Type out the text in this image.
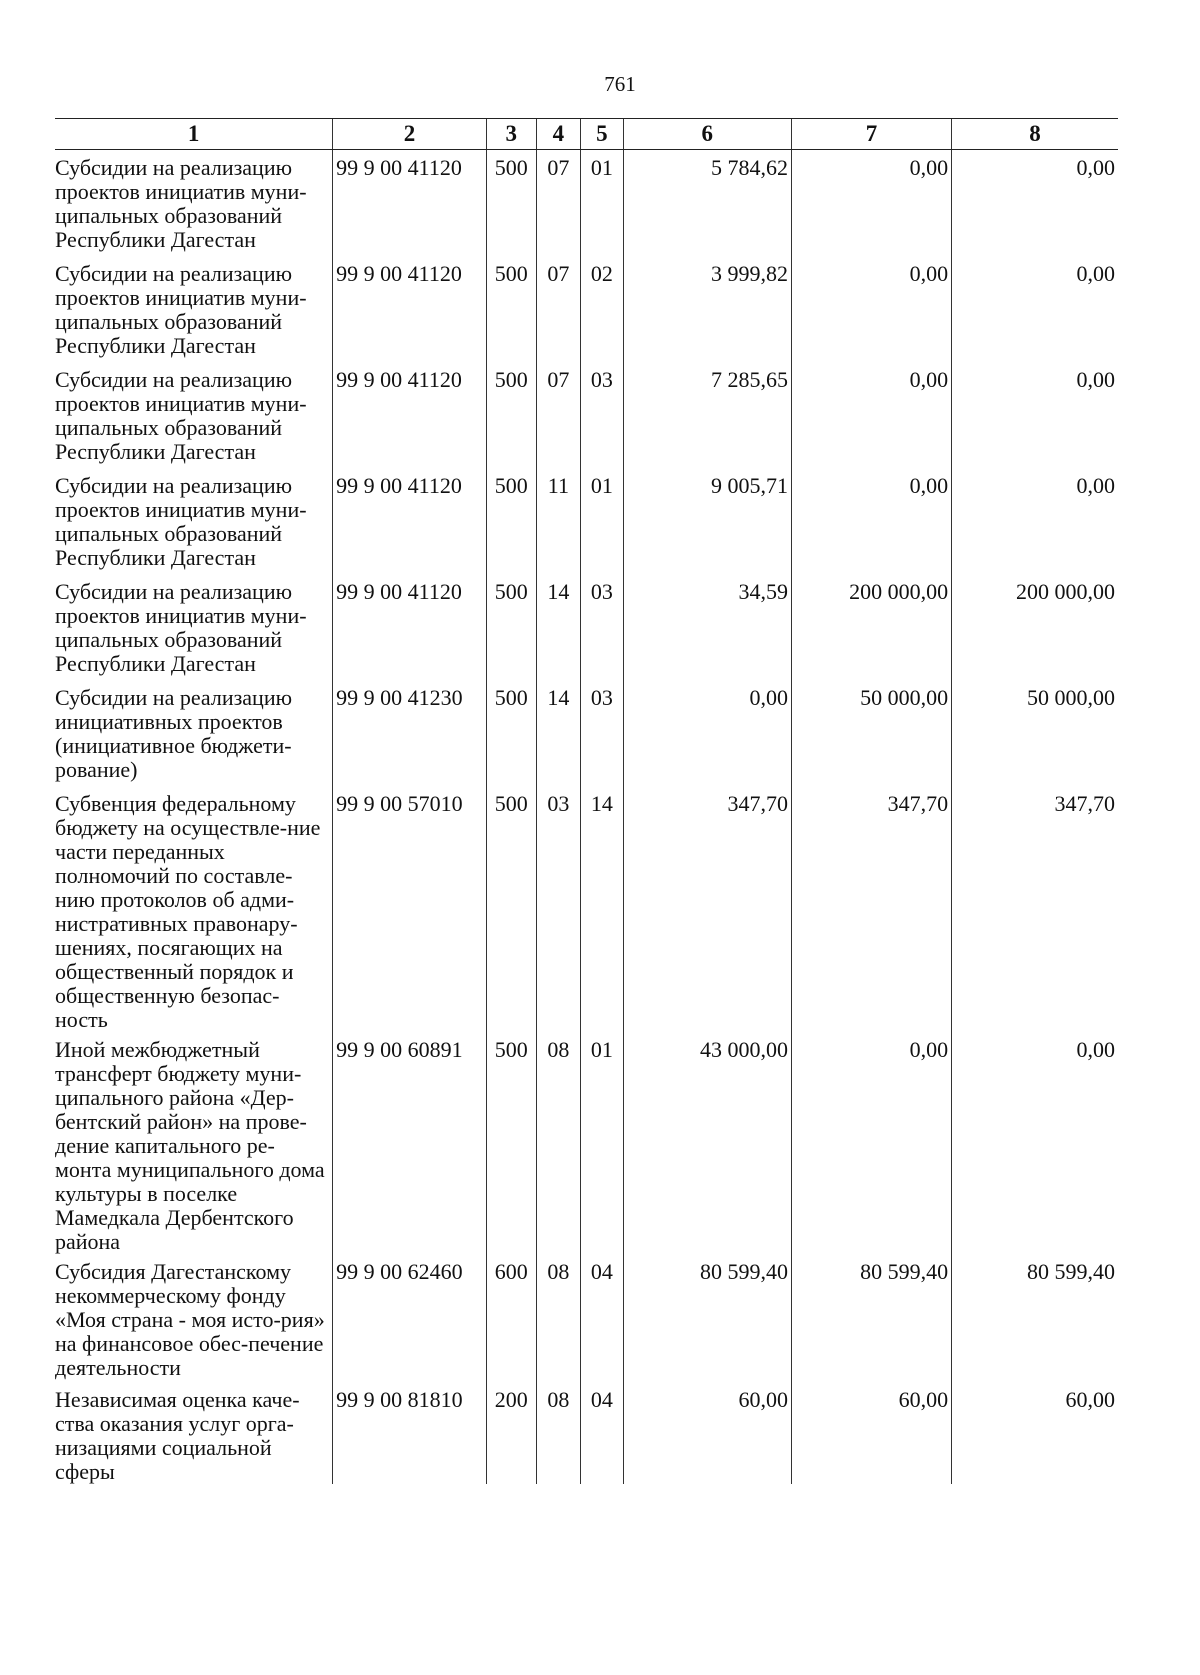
761
1	2	3	4	5	6	7	8
Субсидии на реализацию проектов инициатив муни-ципальных образований Республики Дагестан	99 9 00 41120	500	07	01	5 784,62	0,00	0,00
Субсидии на реализацию проектов инициатив муни-ципальных образований Республики Дагестан	99 9 00 41120	500	07	02	3 999,82	0,00	0,00
Субсидии на реализацию проектов инициатив муни-ципальных образований Республики Дагестан	99 9 00 41120	500	07	03	7 285,65	0,00	0,00
Субсидии на реализацию проектов инициатив муни-ципальных образований Республики Дагестан	99 9 00 41120	500	11	01	9 005,71	0,00	0,00
Субсидии на реализацию проектов инициатив муни-ципальных образований Республики Дагестан	99 9 00 41120	500	14	03	34,59	200 000,00	200 000,00
Субсидии на реализацию инициативных проектов (инициативное бюджети-рование)	99 9 00 41230	500	14	03	0,00	50 000,00	50 000,00
Субвенция федеральному бюджету на осуществле-ние части переданных полномочий по составле-нию протоколов об адми-нистративных правонару-шениях, посягающих на общественный порядок и общественную безопас-ность	99 9 00 57010	500	03	14	347,70	347,70	347,70
Иной межбюджетный трансферт бюджету муни-ципального района «Дер-бентский район» на прове-дение капитального ре-монта муниципального дома культуры в поселке Мамедкала Дербентского района	99 9 00 60891	500	08	01	43 000,00	0,00	0,00
Субсидия Дагестанскому некоммерческому фонду «Моя страна - моя исто-рия» на финансовое обес-печение деятельности	99 9 00 62460	600	08	04	80 599,40	80 599,40	80 599,40
Независимая оценка каче-ства оказания услуг орга-низациями социальной сферы	99 9 00 81810	200	08	04	60,00	60,00	60,00
